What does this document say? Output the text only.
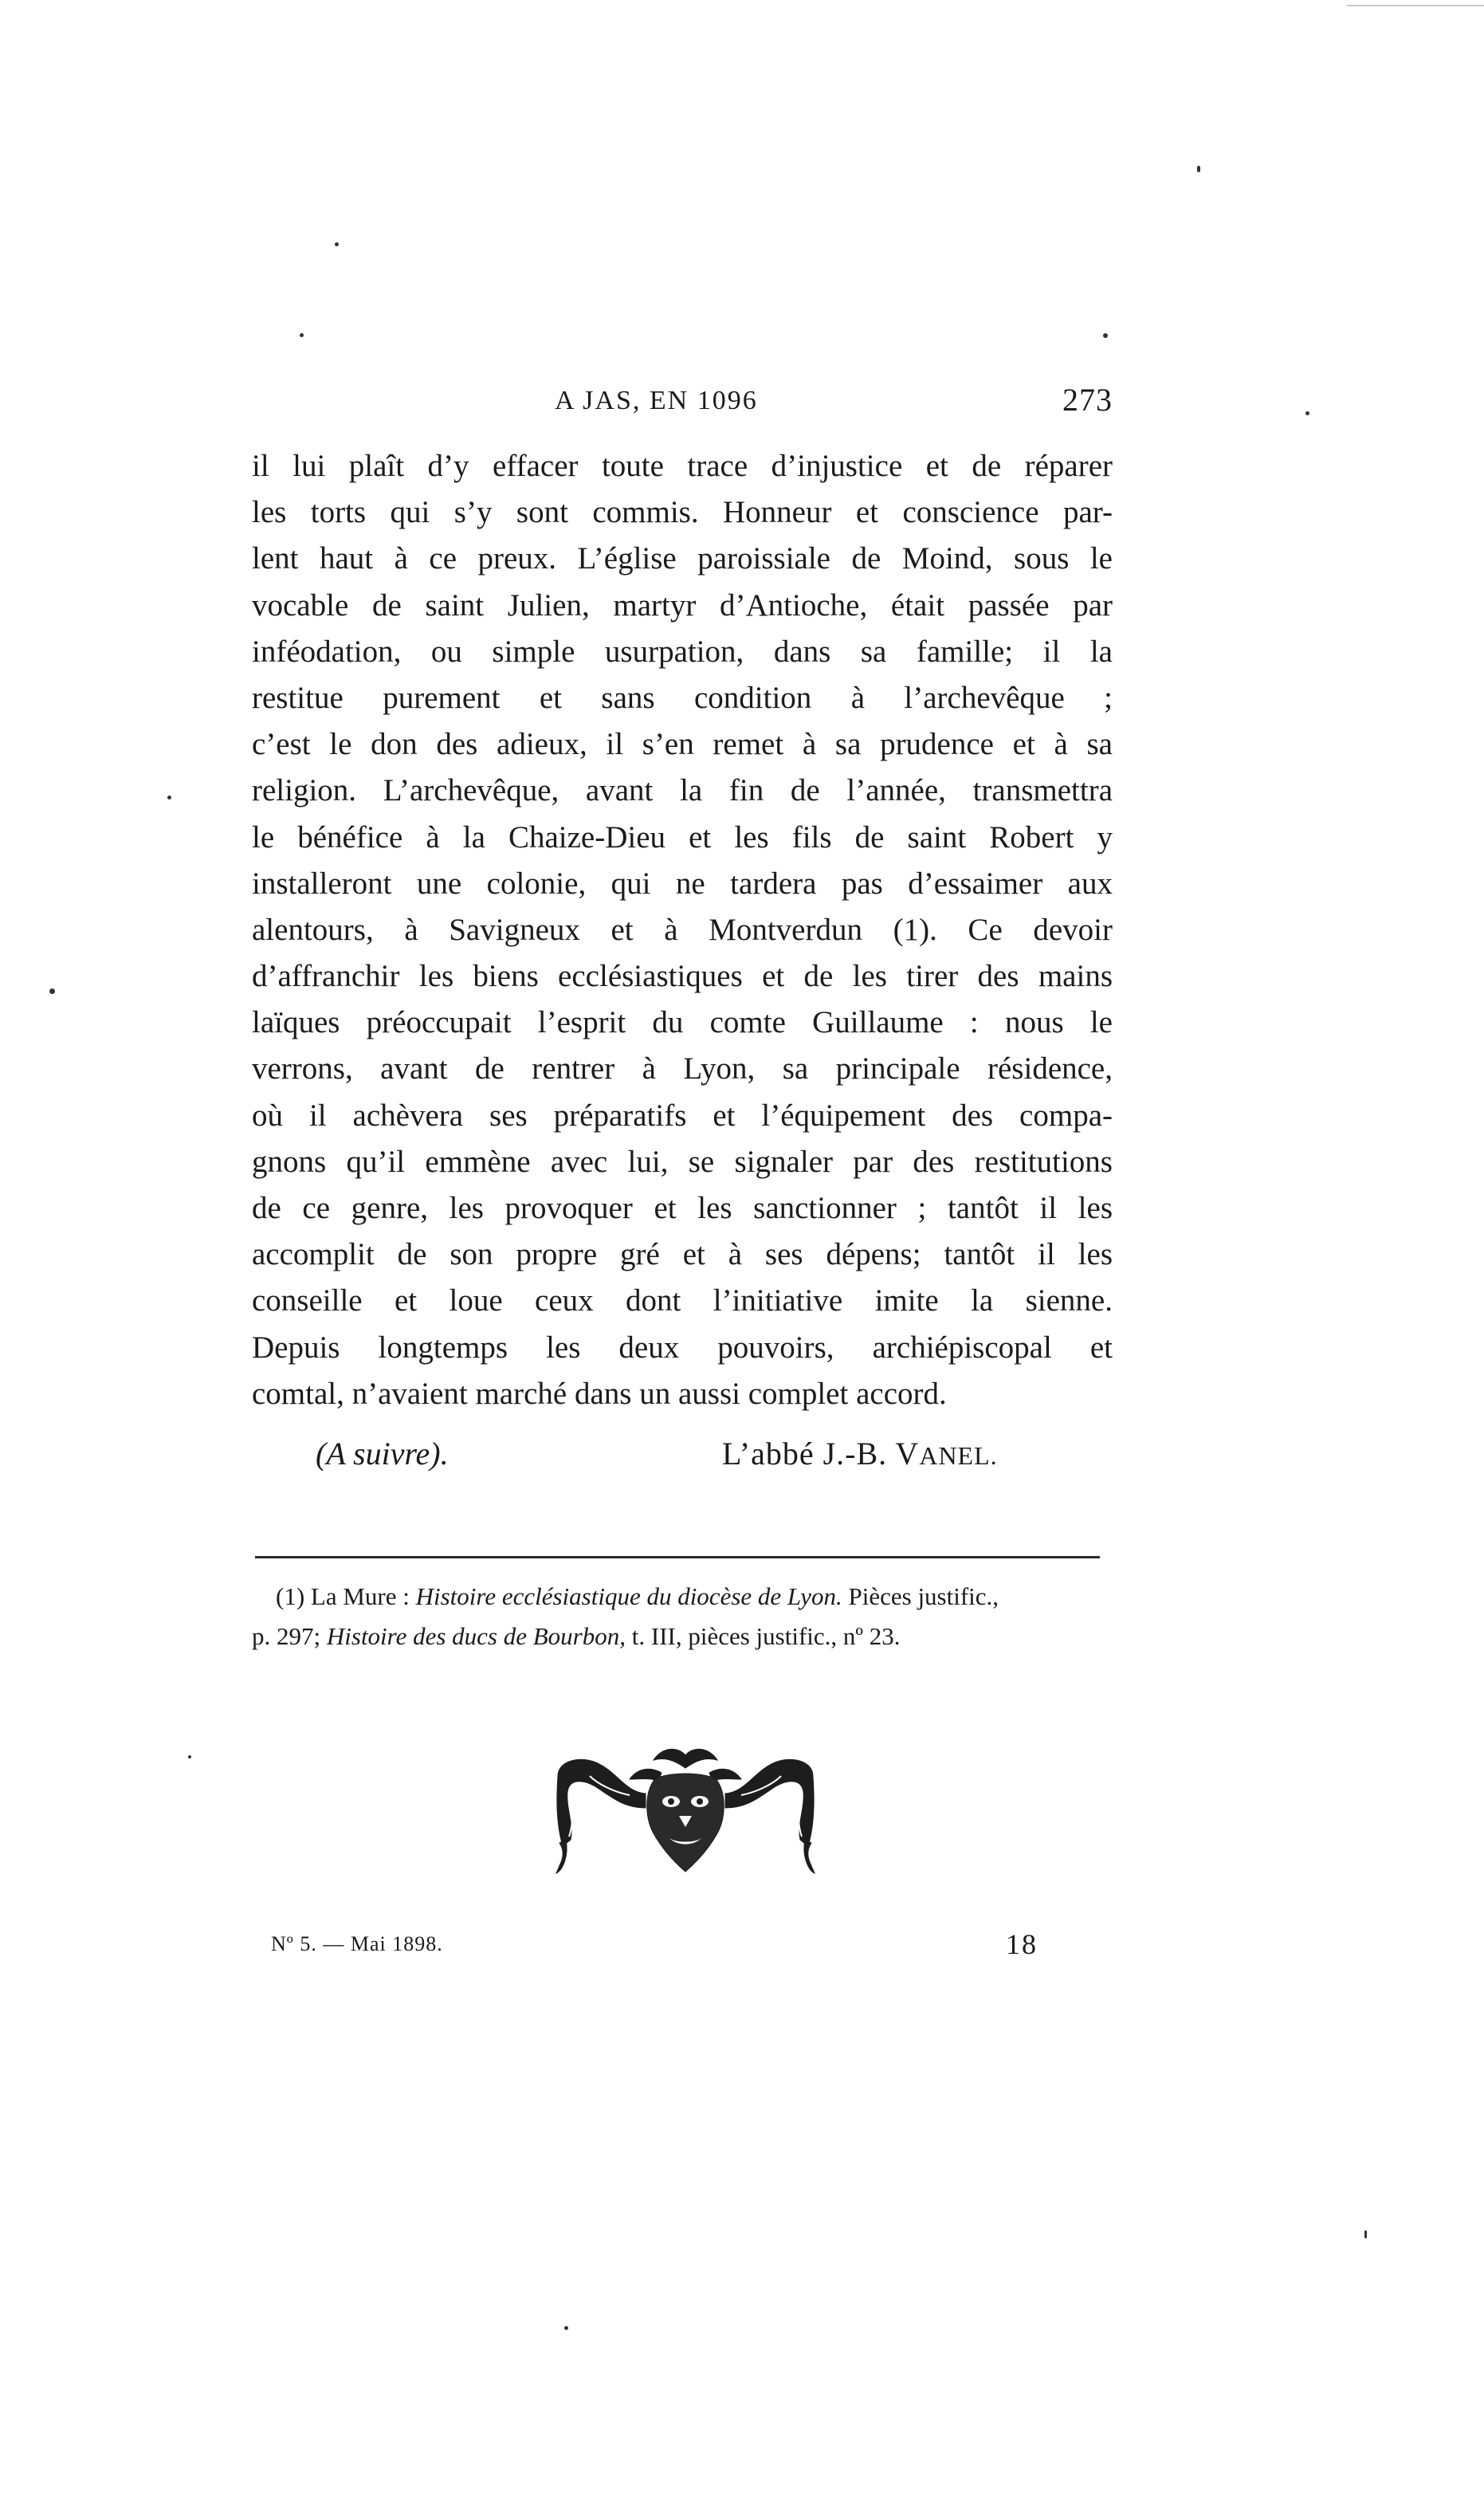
A JAS, EN 1096	273
il lui plaît d’y effacer toute trace d’injustice et de réparer
les torts qui s’y sont commis. Honneur et conscience par-
lent haut à ce preux. L’église paroissiale de Moind, sous le
vocable de saint Julien, martyr d’Antioche, était passée par
inféodation, ou simple usurpation, dans sa famille; il la
restitue purement et sans condition à l’archevêque ;
c’est le don des adieux, il s’en remet à sa prudence et à sa
religion. L’archevêque, avant la fin de l’année, transmettra
le bénéfice à la Chaize-Dieu et les fils de saint Robert y
installeront une colonie, qui ne tardera pas d’essaimer aux
alentours, à Savigneux et à Montverdun (1). Ce devoir
d’affranchir les biens ecclésiastiques et de les tirer des mains
laïques préoccupait l’esprit du comte Guillaume : nous le
verrons, avant de rentrer à Lyon, sa principale résidence,
où il achèvera ses préparatifs et l’équipement des compa-
gnons qu’il emmène avec lui, se signaler par des restitutions
de ce genre, les provoquer et les sanctionner ; tantôt il les
accomplit de son propre gré et à ses dépens; tantôt il les
conseille et loue ceux dont l’initiative imite la sienne.
Depuis longtemps les deux pouvoirs, archiépiscopal et
comtal, n’avaient marché dans un aussi complet accord.
(A suivre).	L’abbé J.-B. VANEL.
(1) La Mure : Histoire ecclésiastique du diocèse de Lyon. Pièces justific.,
p. 297; Histoire des ducs de Bourbon, t. III, pièces justific., nº 23.
Nº 5. — Mai 1898.	18
